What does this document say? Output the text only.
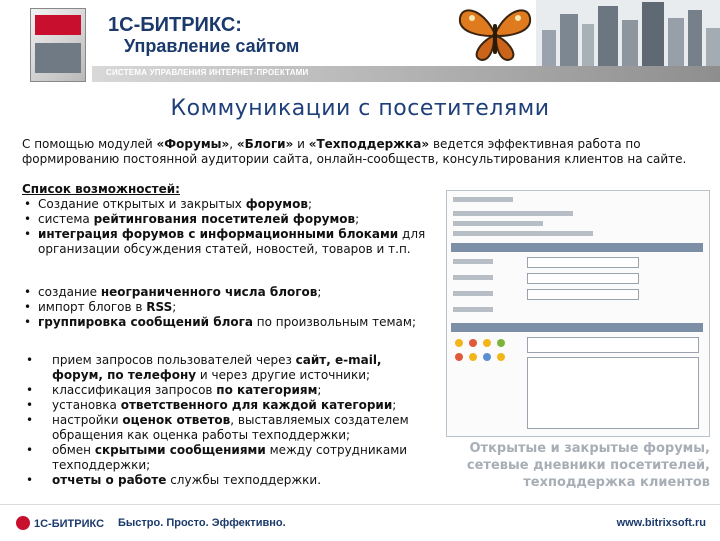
1С-БИТРИКС:
Управление сайтом
СИСТЕМА УПРАВЛЕНИЯ ИНТЕРНЕТ-ПРОЕКТАМИ
Коммуникации с посетителями
С помощью модулей «Форумы», «Блоги» и «Техподдержка» ведется эффективная работа по формированию постоянной аудитории сайта, онлайн-сообществ, консультирования клиентов на сайте.
Список возможностей:
• Создание открытых и закрытых форумов;
• система рейтингования посетителей форумов;
• интеграция форумов с информационными блоками для организации обсуждения статей, новостей, товаров и т.п.
• создание неограниченного числа блогов;
• импорт блогов в RSS;
• группировка сообщений блога по произвольным темам;
• прием запросов пользователей через сайт, e-mail, форум, по телефону и через другие источники;
• классификация запросов по категориям;
• установка ответственного для каждой категории;
• настройки оценок ответов, выставляемых создателем обращения как оценка работы техподдержки;
• обмен скрытыми сообщениями между сотрудниками техподдержки;
• отчеты о работе службы техподдержки.
Открытые и закрытые форумы,
сетевые дневники посетителей,
техподдержка клиентов
1С-БИТРИКС Быстро. Просто. Эффективно.	www.bitrixsoft.ru
